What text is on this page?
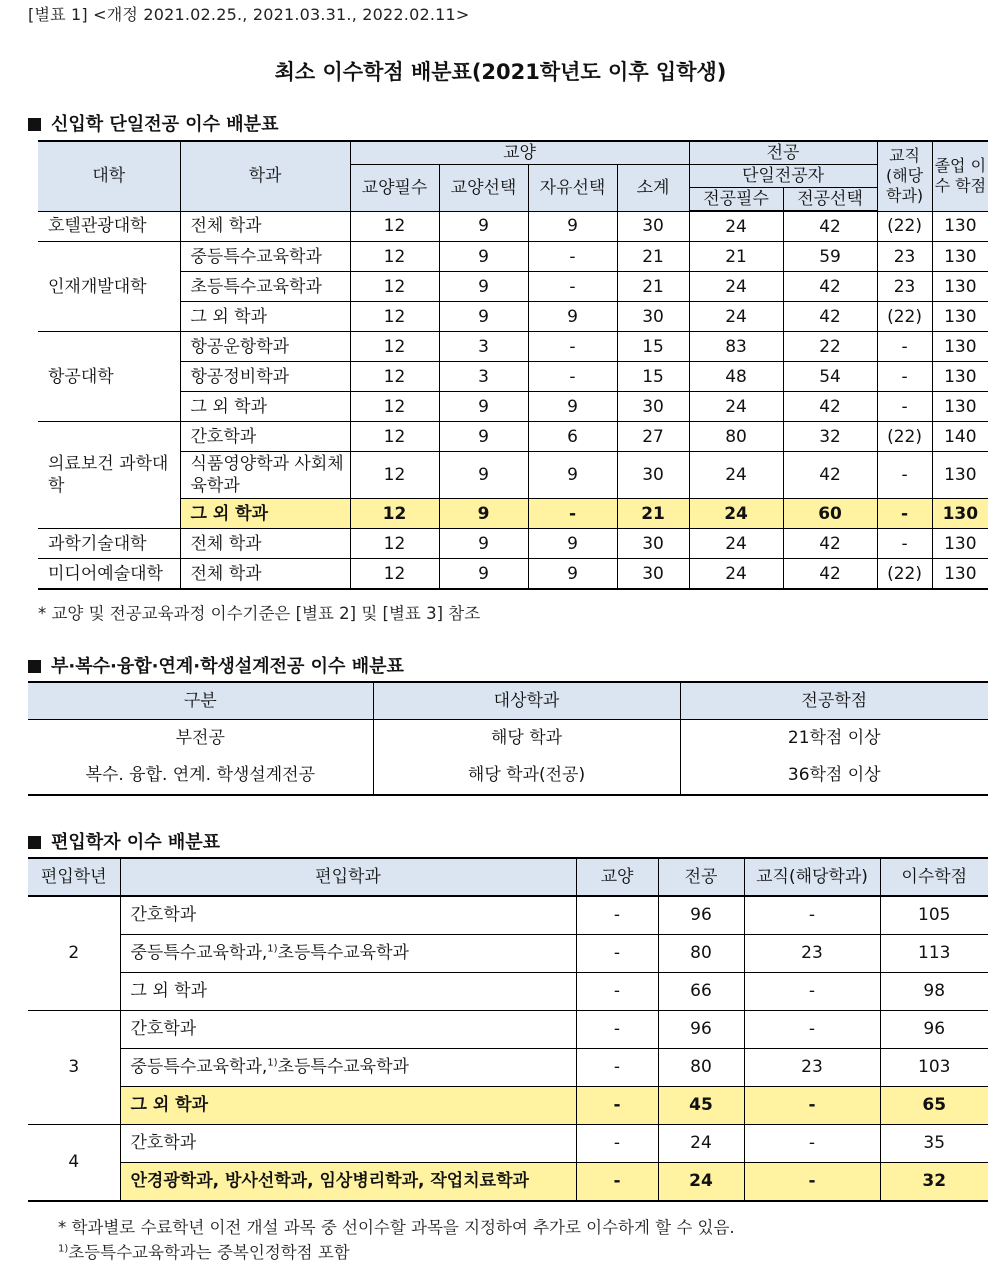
[별표 1] <개정 2021.02.25., 2021.03.31., 2022.02.11>
최소 이수학점 배분표(2021학년도 이후 입학생)
신입학 단일전공 이수 배분표
대학	학과	교양				전공		교직 (해당 학과)	졸업 이수 학점
		교양필수	교양선택	자유선택	소계	단일전공자			
						전공필수	전공선택		
호텔관광대학	전체 학과	12	9	9	30	24	42	(22)	130
인재개발대학	중등특수교육학과	12	9	-	21	21	59	23	130
	초등특수교육학과	12	9	-	21	24	42	23	130
	그 외 학과	12	9	9	30	24	42	(22)	130
항공대학	항공운항학과	12	3	-	15	83	22	-	130
	항공정비학과	12	3	-	15	48	54	-	130
	그 외 학과	12	9	9	30	24	42	-	130
의료보건 과학대학	간호학과	12	9	6	27	80	32	(22)	140
	식품영양학과 사회체육학과	12	9	9	30	24	42	-	130
	그 외 학과	12	9	-	21	24	60	-	130
과학기술대학	전체 학과	12	9	9	30	24	42	-	130
미디어예술대학	전체 학과	12	9	9	30	24	42	(22)	130
* 교양 및 전공교육과정 이수기준은 [별표 2] 및 [별표 3] 참조
부·복수·융합·연계·학생설계전공 이수 배분표
구분	대상학과	전공학점
부전공	해당 학과	21학점 이상
복수. 융합. 연계. 학생설계전공	해당 학과(전공)	36학점 이상
편입학자 이수 배분표
편입학년	편입학과	교양	전공	교직(해당학과)	이수학점
2	간호학과	-	96	-	105
	중등특수교육학과,$^{1)}$초등특수교육학과	-	80	23	113
	그 외 학과	-	66	-	98
3	간호학과	-	96	-	96
	중등특수교육학과,$^{1)}$초등특수교육학과	-	80	23	103
	그 외 학과	-	45	-	65
4	간호학과	-	24	-	35
	안경광학과, 방사선학과, 임상병리학과, 작업치료학과	-	24	-	32
* 학과별로 수료학년 이전 개설 과목 중 선이수할 과목을 지정하여 추가로 이수하게 할 수 있음.
$^{1)}$초등특수교육학과는 중복인정학점 포함
